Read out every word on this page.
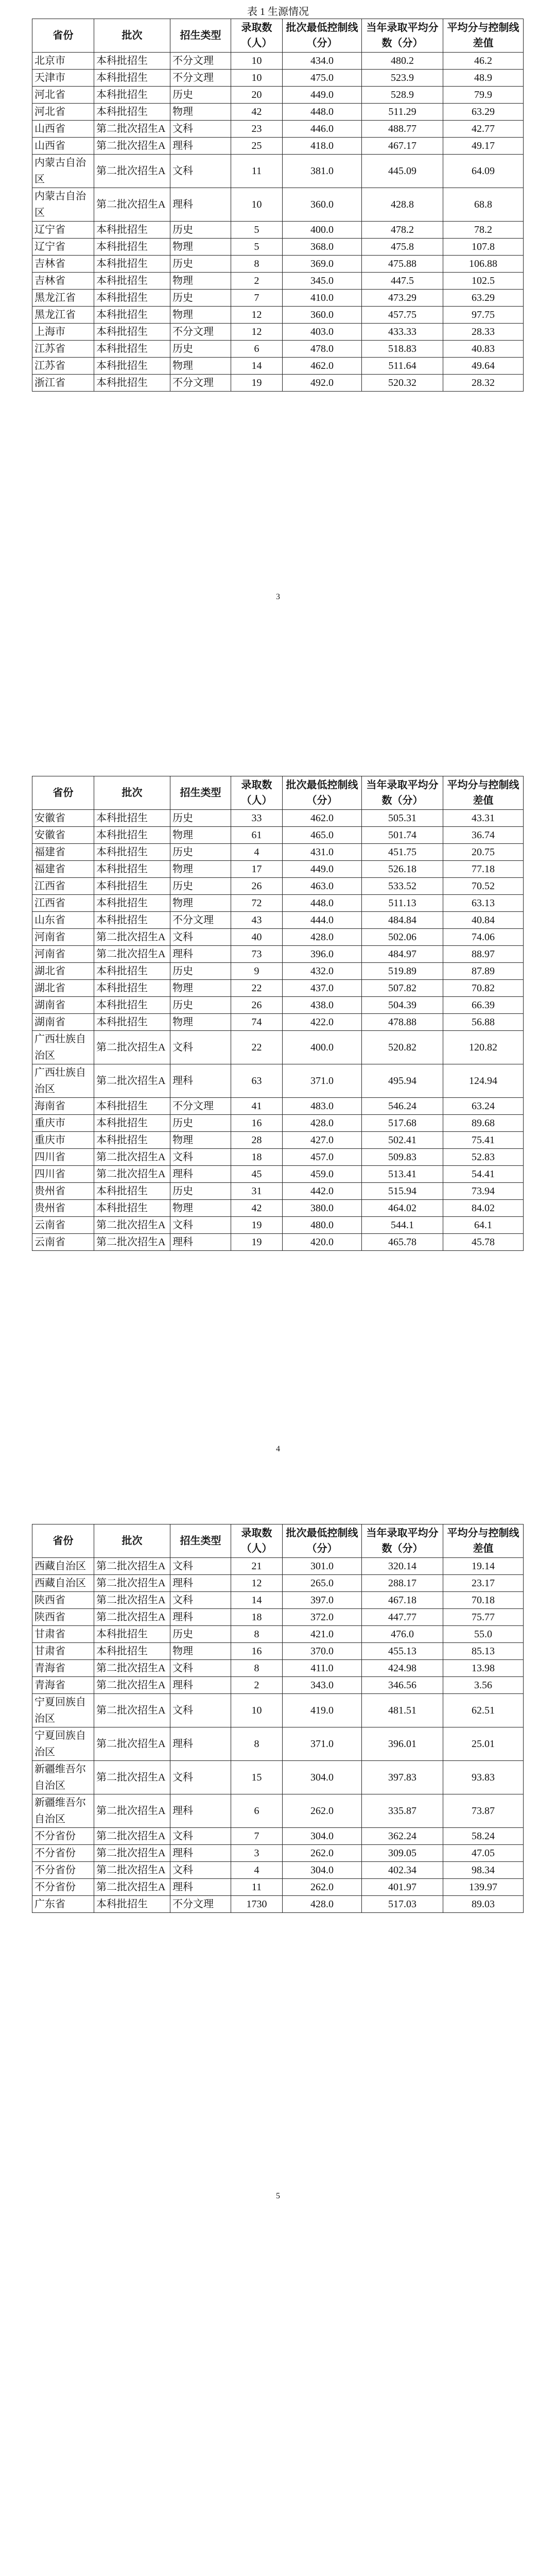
表 1 生源情况
省份	批次	招生类型	录取数（人）	批次最低控制线（分）	当年录取平均分数（分）	平均分与控制线差值
北京市	本科批招生	不分文理	10	434.0	480.2	46.2
天津市	本科批招生	不分文理	10	475.0	523.9	48.9
河北省	本科批招生	历史	20	449.0	528.9	79.9
河北省	本科批招生	物理	42	448.0	511.29	63.29
山西省	第二批次招生A	文科	23	446.0	488.77	42.77
山西省	第二批次招生A	理科	25	418.0	467.17	49.17
内蒙古自治区	第二批次招生A	文科	11	381.0	445.09	64.09
内蒙古自治区	第二批次招生A	理科	10	360.0	428.8	68.8
辽宁省	本科批招生	历史	5	400.0	478.2	78.2
辽宁省	本科批招生	物理	5	368.0	475.8	107.8
吉林省	本科批招生	历史	8	369.0	475.88	106.88
吉林省	本科批招生	物理	2	345.0	447.5	102.5
黑龙江省	本科批招生	历史	7	410.0	473.29	63.29
黑龙江省	本科批招生	物理	12	360.0	457.75	97.75
上海市	本科批招生	不分文理	12	403.0	433.33	28.33
江苏省	本科批招生	历史	6	478.0	518.83	40.83
江苏省	本科批招生	物理	14	462.0	511.64	49.64
浙江省	本科批招生	不分文理	19	492.0	520.32	28.32
3
省份	批次	招生类型	录取数（人）	批次最低控制线（分）	当年录取平均分数（分）	平均分与控制线差值
安徽省	本科批招生	历史	33	462.0	505.31	43.31
安徽省	本科批招生	物理	61	465.0	501.74	36.74
福建省	本科批招生	历史	4	431.0	451.75	20.75
福建省	本科批招生	物理	17	449.0	526.18	77.18
江西省	本科批招生	历史	26	463.0	533.52	70.52
江西省	本科批招生	物理	72	448.0	511.13	63.13
山东省	本科批招生	不分文理	43	444.0	484.84	40.84
河南省	第二批次招生A	文科	40	428.0	502.06	74.06
河南省	第二批次招生A	理科	73	396.0	484.97	88.97
湖北省	本科批招生	历史	9	432.0	519.89	87.89
湖北省	本科批招生	物理	22	437.0	507.82	70.82
湖南省	本科批招生	历史	26	438.0	504.39	66.39
湖南省	本科批招生	物理	74	422.0	478.88	56.88
广西壮族自治区	第二批次招生A	文科	22	400.0	520.82	120.82
广西壮族自治区	第二批次招生A	理科	63	371.0	495.94	124.94
海南省	本科批招生	不分文理	41	483.0	546.24	63.24
重庆市	本科批招生	历史	16	428.0	517.68	89.68
重庆市	本科批招生	物理	28	427.0	502.41	75.41
四川省	第二批次招生A	文科	18	457.0	509.83	52.83
四川省	第二批次招生A	理科	45	459.0	513.41	54.41
贵州省	本科批招生	历史	31	442.0	515.94	73.94
贵州省	本科批招生	物理	42	380.0	464.02	84.02
云南省	第二批次招生A	文科	19	480.0	544.1	64.1
云南省	第二批次招生A	理科	19	420.0	465.78	45.78
4
省份	批次	招生类型	录取数（人）	批次最低控制线（分）	当年录取平均分数（分）	平均分与控制线差值
西藏自治区	第二批次招生A	文科	21	301.0	320.14	19.14
西藏自治区	第二批次招生A	理科	12	265.0	288.17	23.17
陕西省	第二批次招生A	文科	14	397.0	467.18	70.18
陕西省	第二批次招生A	理科	18	372.0	447.77	75.77
甘肃省	本科批招生	历史	8	421.0	476.0	55.0
甘肃省	本科批招生	物理	16	370.0	455.13	85.13
青海省	第二批次招生A	文科	8	411.0	424.98	13.98
青海省	第二批次招生A	理科	2	343.0	346.56	3.56
宁夏回族自治区	第二批次招生A	文科	10	419.0	481.51	62.51
宁夏回族自治区	第二批次招生A	理科	8	371.0	396.01	25.01
新疆维吾尔自治区	第二批次招生A	文科	15	304.0	397.83	93.83
新疆维吾尔自治区	第二批次招生A	理科	6	262.0	335.87	73.87
不分省份	第二批次招生A	文科	7	304.0	362.24	58.24
不分省份	第二批次招生A	理科	3	262.0	309.05	47.05
不分省份	第二批次招生A	文科	4	304.0	402.34	98.34
不分省份	第二批次招生A	理科	11	262.0	401.97	139.97
广东省	本科批招生	不分文理	1730	428.0	517.03	89.03
5
